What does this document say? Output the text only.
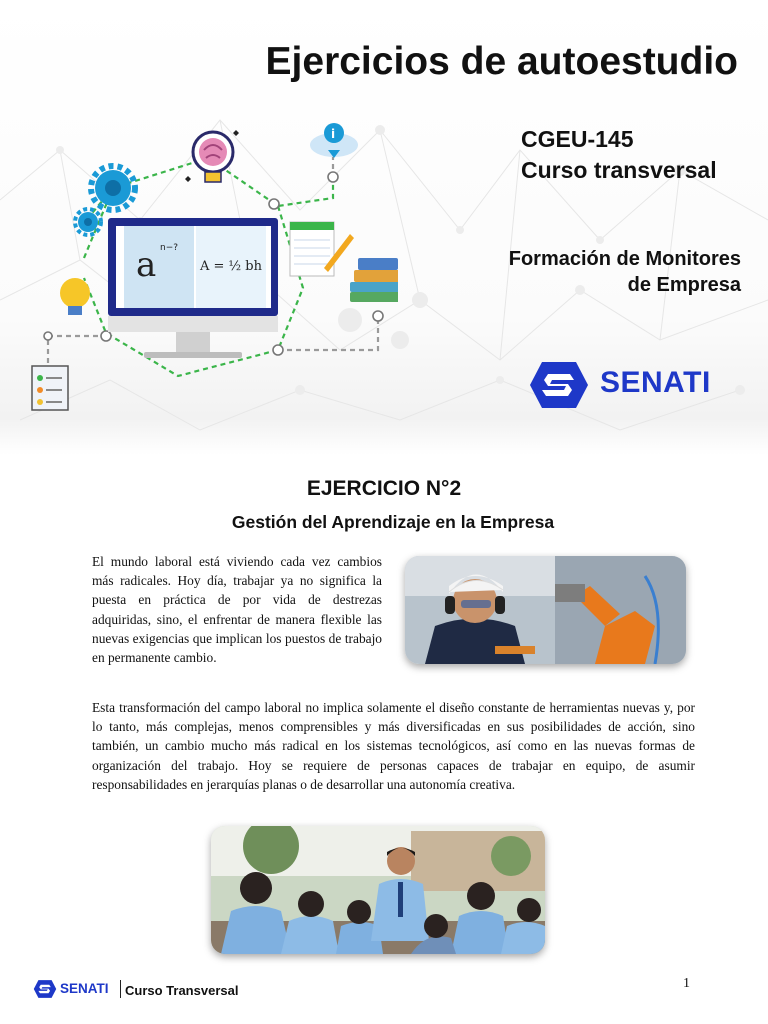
Ejercicios de autoestudio
a n−?
A = ½ bh
i	CGEU-145
Curso transversal
Formación de Monitores
de Empresa
SENATI
EJERCICIO N°2
Gestión del Aprendizaje en la Empresa
El mundo laboral está viviendo cada vez cambios más radicales. Hoy día, trabajar ya no significa la puesta en práctica de por vida de destrezas adquiridas, sino, el enfrentar de manera flexible las nuevas exigencias que implican los puestos de trabajo en permanente cambio.
Esta transformación del campo laboral no implica solamente el diseño constante de herramientas nuevas y, por lo tanto, más complejas, menos comprensibles y más diversificadas en sus posibilidades de acción, sino también, un cambio mucho más radical en los sistemas tecnológicos, así como en las nuevas formas de organización del trabajo. Hoy se requiere de personas capaces de trabajar en equipo, de asumir responsabilidades en jerarquías planas o de desarrollar una autonomía creativa.
SENATI Curso Transversal	1
